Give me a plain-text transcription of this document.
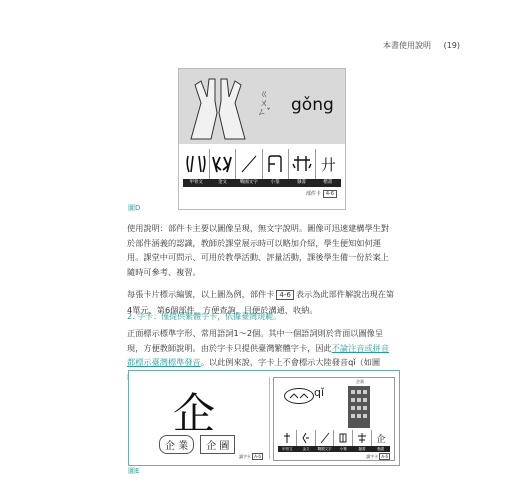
本書使用說明 (19)
ㄍㄨㄥˇ gǒng
廾
甲骨文	金文	戰國文字	小篆	隸書	楷書
部件卡 4-6
圖D
使用說明：部件卡主要以圖像呈現，無文字說明。圖像可迅速建構學生對於部件涵義的認識，教師於課堂展示時可以略加介紹，學生便知如何運用。課堂中可問示、可用於教學活動、評量活動，課後學生備一份於案上隨時可參考、複習。
每張卡片標示編號，以上圖為例，部件卡 4-6 表示為此部件解說出現在第4單元，第6個部件，方便查詢，目便於溝通、收納。
2. 字卡：僅提供繁體字卡，依據臺灣規範。
正面標示標準字形、常用語詞1～2個。其中一個語詞則於背面以圖像呈現，方便教師說明。由於字卡只提供臺灣繁體字卡，因此不論注音或拼音都標示臺灣標準發音。以此例來說，字卡上不會標示大陸發音qǐ（如圖
企
企 業	企 圖
讀字卡 A-6
qǐ
企業
企
甲骨文	金文	戰國文字	小篆	隸書	楷書
讀字卡 A-6
圖E
